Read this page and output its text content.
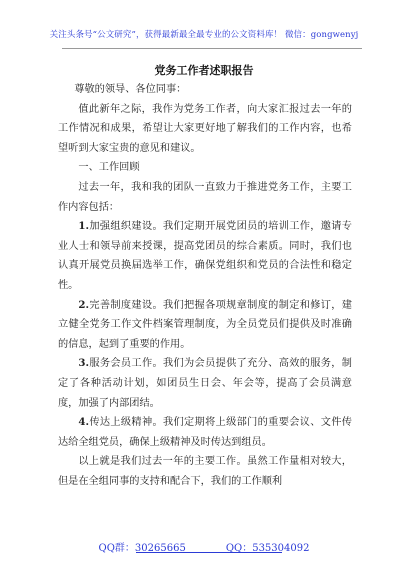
关注头条号“公文研究”，获得最新最全最专业的公文资料库！ 微信：gongwenyj
党务工作者述职报告

尊敬的领导、各位同事：

值此新年之际，我作为党务工作者，向大家汇报过去一年的工作情况和成果，希望让大家更好地了解我们的工作内容，也希望听到大家宝贵的意见和建议。

一、工作回顾

过去一年，我和我的团队一直致力于推进党务工作，主要工作内容包括：

1.加强组织建设。我们定期开展党团员的培训工作，邀请专业人士和领导前来授课，提高党团员的综合素质。同时，我们也认真开展党员换届选举工作，确保党组织和党员的合法性和稳定性。

2.完善制度建设。我们把握各项规章制度的制定和修订，建立健全党务工作文件档案管理制度，为全员党员们提供及时准确的信息，起到了重要的作用。

3.服务会员工作。我们为会员提供了充分、高效的服务，制定了各种活动计划，如团员生日会、年会等，提高了会员满意度，加强了内部团结。

4.传达上级精神。我们定期将上级部门的重要会议、文件传达给全组党员，确保上级精神及时传达到组员。

以上就是我们过去一年的主要工作。虽然工作量相对较大，但是在全组同事的支持和配合下，我们的工作顺利

QQ群：30265665	QQ：535304092
